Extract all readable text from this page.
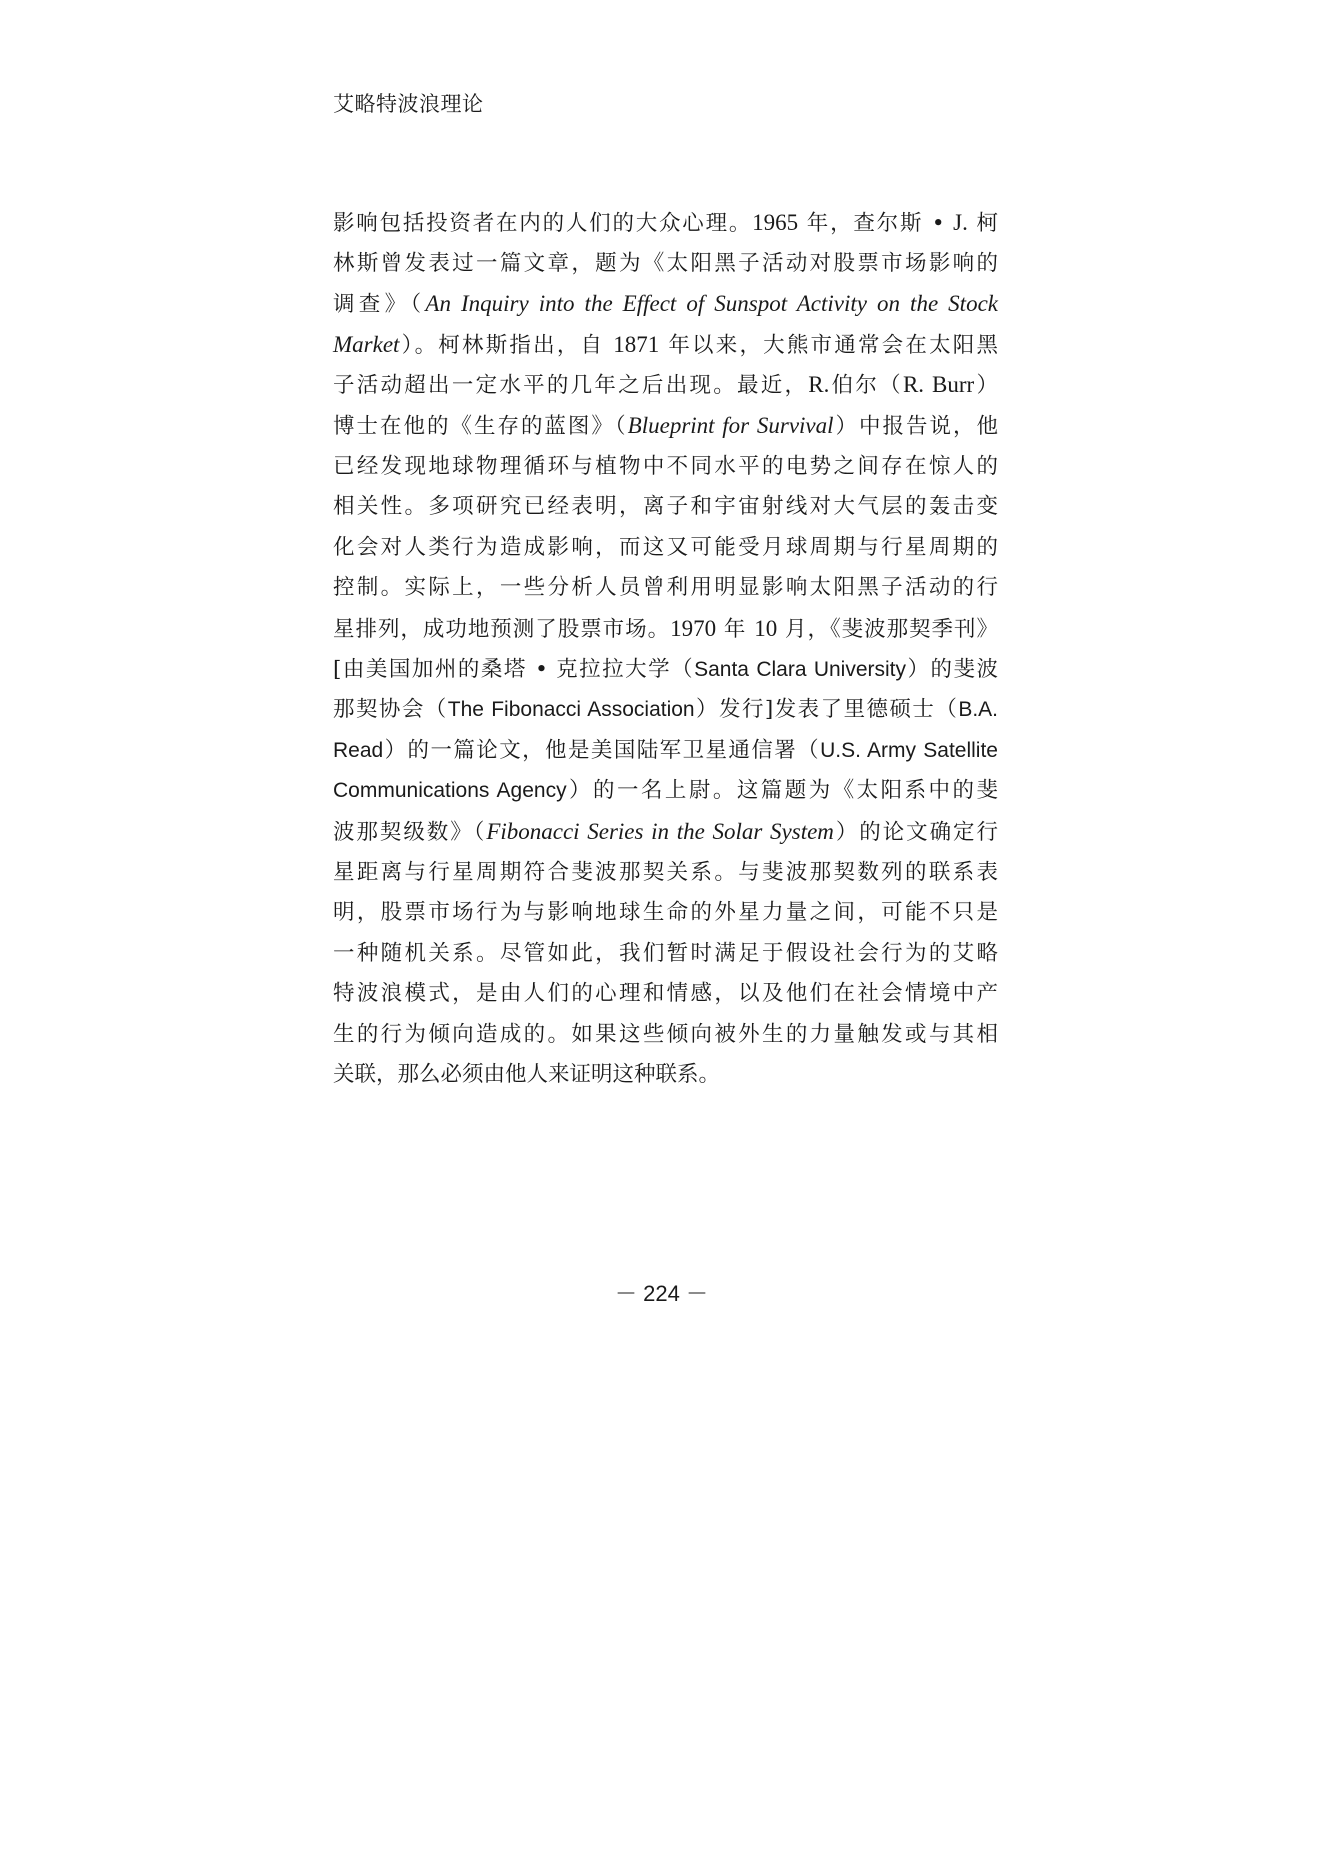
艾略特波浪理论
影响包括投资者在内的人们的大众心理。1965 年，查尔斯 • J. 柯
林斯曾发表过一篇文章，题为《太阳黑子活动对股票市场影响的
调查》（An Inquiry into the Effect of Sunspot Activity on the Stock
Market）。柯林斯指出，自 1871 年以来，大熊市通常会在太阳黑
子活动超出一定水平的几年之后出现。最近，R.伯尔（R. Burr）
博士在他的《生存的蓝图》（Blueprint for Survival）中报告说，他
已经发现地球物理循环与植物中不同水平的电势之间存在惊人的
相关性。多项研究已经表明，离子和宇宙射线对大气层的轰击变
化会对人类行为造成影响，而这又可能受月球周期与行星周期的
控制。实际上，一些分析人员曾利用明显影响太阳黑子活动的行
星排列，成功地预测了股票市场。1970 年 10 月，《斐波那契季刊》
[由美国加州的桑塔 • 克拉拉大学（Santa Clara University）的斐波
那契协会（The Fibonacci Association）发行]发表了里德硕士（B.A.
Read）的一篇论文，他是美国陆军卫星通信署（U.S. Army Satellite
Communications Agency）的一名上尉。这篇题为《太阳系中的斐
波那契级数》（Fibonacci Series in the Solar System）的论文确定行
星距离与行星周期符合斐波那契关系。与斐波那契数列的联系表
明，股票市场行为与影响地球生命的外星力量之间，可能不只是
一种随机关系。尽管如此，我们暂时满足于假设社会行为的艾略
特波浪模式，是由人们的心理和情感，以及他们在社会情境中产
生的行为倾向造成的。如果这些倾向被外生的力量触发或与其相
关联，那么必须由他人来证明这种联系。
－ 224 －
